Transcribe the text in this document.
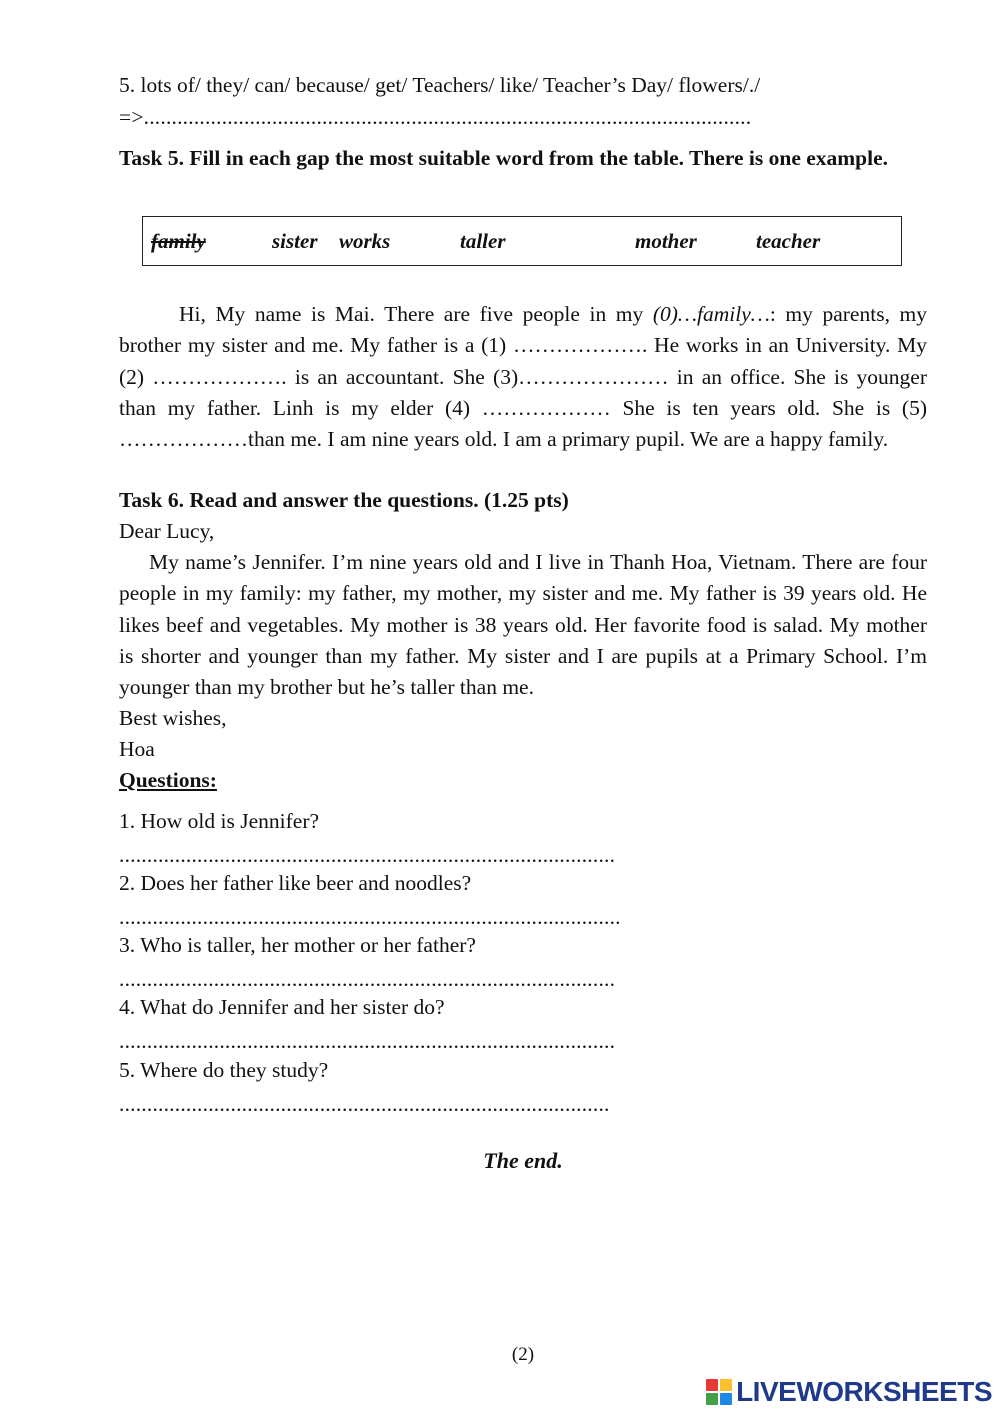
5. lots of/ they/ can/ because/ get/ Teachers/ like/ Teacher’s Day/ flowers/./
=>.............................................................................................................
Task 5. Fill in each gap the most suitable word from the table. There is one example.
family	sister works	taller	mother	teacher
Hi, My name is Mai. There are five people in my (0)…family…: my parents, my brother my sister and me. My father is a (1) ………………. He works in an University. My (2) ………………. is an accountant. She (3)………………… in an office. She is younger than my father. Linh is my elder (4) ……………… She is ten years old. She is (5) ………………than me. I am nine years old. I am a primary pupil. We are a happy family.
Task 6. Read and answer the questions. (1.25 pts)
Dear Lucy,
My name’s Jennifer. I’m nine years old and I live in Thanh Hoa, Vietnam. There are four people in my family: my father, my mother, my sister and me. My father is 39 years old. He likes beef and vegetables. My mother is 38 years old. Her favorite food is salad. My mother is shorter and younger than my father. My sister and I are pupils at a Primary School. I’m younger than my brother but he’s taller than me.
Best wishes,
Hoa
Questions:
1. How old is Jennifer?
.........................................................................................
2. Does her father like beer and noodles?
..........................................................................................
3. Who is taller, her mother or her father?
.........................................................................................
4. What do Jennifer and her sister do?
.........................................................................................
5. Where do they study?
........................................................................................
The end.
(2)
LIVEWORKSHEETS
